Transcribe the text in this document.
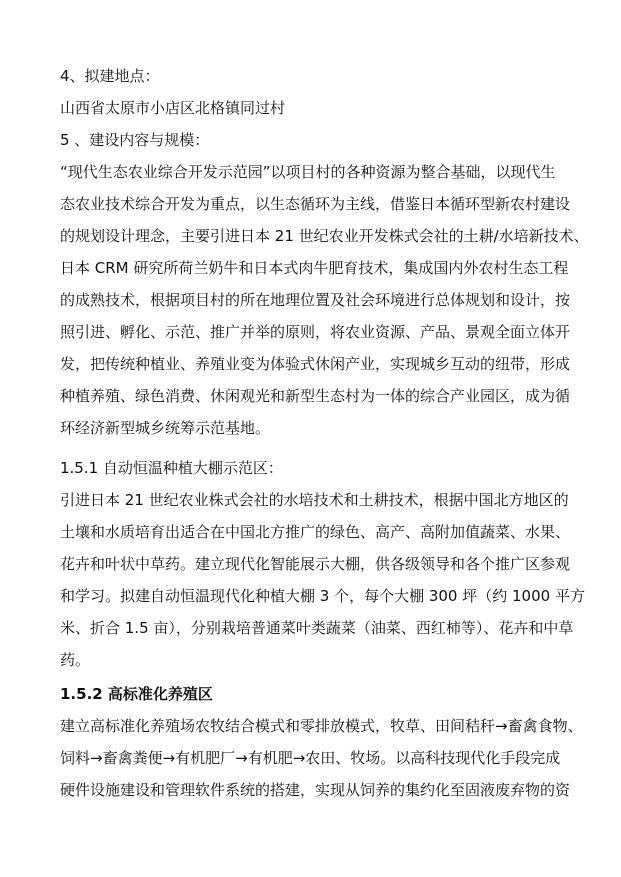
4、拟建地点：
山西省太原市小店区北格镇同过村
5 、建设内容与规模：
“现代生态农业综合开发示范园”以项目村的各种资源为整合基础，以现代生
态农业技术综合开发为重点，以生态循环为主线，借鉴日本循环型新农村建设
的规划设计理念，主要引进日本 21 世纪农业开发株式会社的土耕/水培新技术、
日本 CRM 研究所荷兰奶牛和日本式肉牛肥育技术，集成国内外农村生态工程
的成熟技术，根据项目村的所在地理位置及社会环境进行总体规划和设计，按
照引进、孵化、示范、推广并举的原则，将农业资源、产品、景观全面立体开
发，把传统种植业、养殖业变为体验式休闲产业，实现城乡互动的纽带，形成
种植养殖、绿色消费、休闲观光和新型生态村为一体的综合产业园区，成为循
环经济新型城乡统筹示范基地。
1.5.1 自动恒温种植大棚示范区：
引进日本 21 世纪农业株式会社的水培技术和土耕技术，根据中国北方地区的
土壤和水质培育出适合在中国北方推广的绿色、高产、高附加值蔬菜、水果、
花卉和叶状中草药。建立现代化智能展示大棚，供各级领导和各个推广区参观
和学习。拟建自动恒温现代化种植大棚 3 个，每个大棚 300 坪（约 1000 平方
米、折合 1.5 亩），分别栽培普通菜叶类蔬菜（油菜、西红柿等）、花卉和中草
药。
1.5.2 高标准化养殖区
建立高标准化养殖场农牧结合模式和零排放模式，牧草、田间秸秆→畜禽食物、
饲料→畜禽粪便→有机肥厂→有机肥→农田、牧场。以高科技现代化手段完成
硬件设施建设和管理软件系统的搭建，实现从饲养的集约化至固液废弃物的资
